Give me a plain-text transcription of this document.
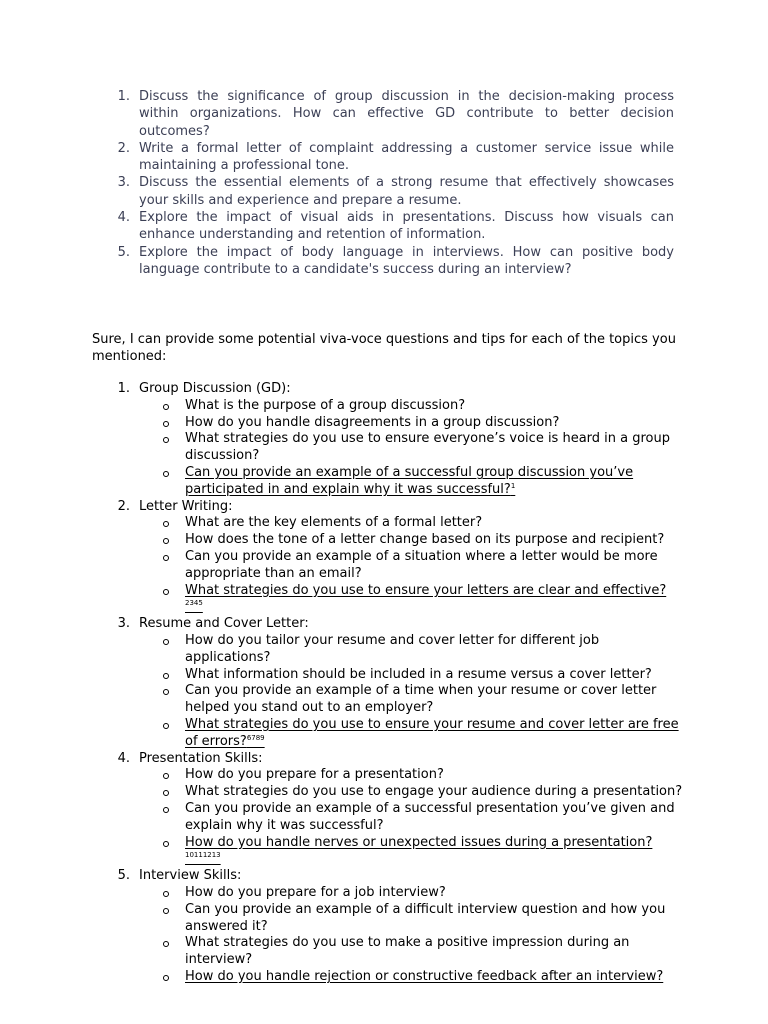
1. Discuss the significance of group discussion in the decision-making process within organizations. How can effective GD contribute to better decision outcomes?
2. Write a formal letter of complaint addressing a customer service issue while maintaining a professional tone.
3. Discuss the essential elements of a strong resume that effectively showcases your skills and experience and prepare a resume.
4. Explore the impact of visual aids in presentations. Discuss how visuals can enhance understanding and retention of information.
5. Explore the impact of body language in interviews. How can positive body language contribute to a candidate's success during an interview?

Sure, I can provide some potential viva-voce questions and tips for each of the topics you mentioned:

1. Group Discussion (GD):
What is the purpose of a group discussion?
How do you handle disagreements in a group discussion?
What strategies do you use to ensure everyone’s voice is heard in a group discussion?
Can you provide an example of a successful group discussion you’ve participated in and explain why it was successful?$^1$
2. Letter Writing:
What are the key elements of a formal letter?
How does the tone of a letter change based on its purpose and recipient?
Can you provide an example of a situation where a letter would be more appropriate than an email?
What strategies do you use to ensure your letters are clear and effective?$^{2345}$
3. Resume and Cover Letter:
How do you tailor your resume and cover letter for different job applications?
What information should be included in a resume versus a cover letter?
Can you provide an example of a time when your resume or cover letter helped you stand out to an employer?
What strategies do you use to ensure your resume and cover letter are free of errors?$^{6789}$
4. Presentation Skills:
How do you prepare for a presentation?
What strategies do you use to engage your audience during a presentation?
Can you provide an example of a successful presentation you’ve given and explain why it was successful?
How do you handle nerves or unexpected issues during a presentation?$^{10111213}$
5. Interview Skills:
How do you prepare for a job interview?
Can you provide an example of a difficult interview question and how you answered it?
What strategies do you use to make a positive impression during an interview?
How do you handle rejection or constructive feedback after an interview?
